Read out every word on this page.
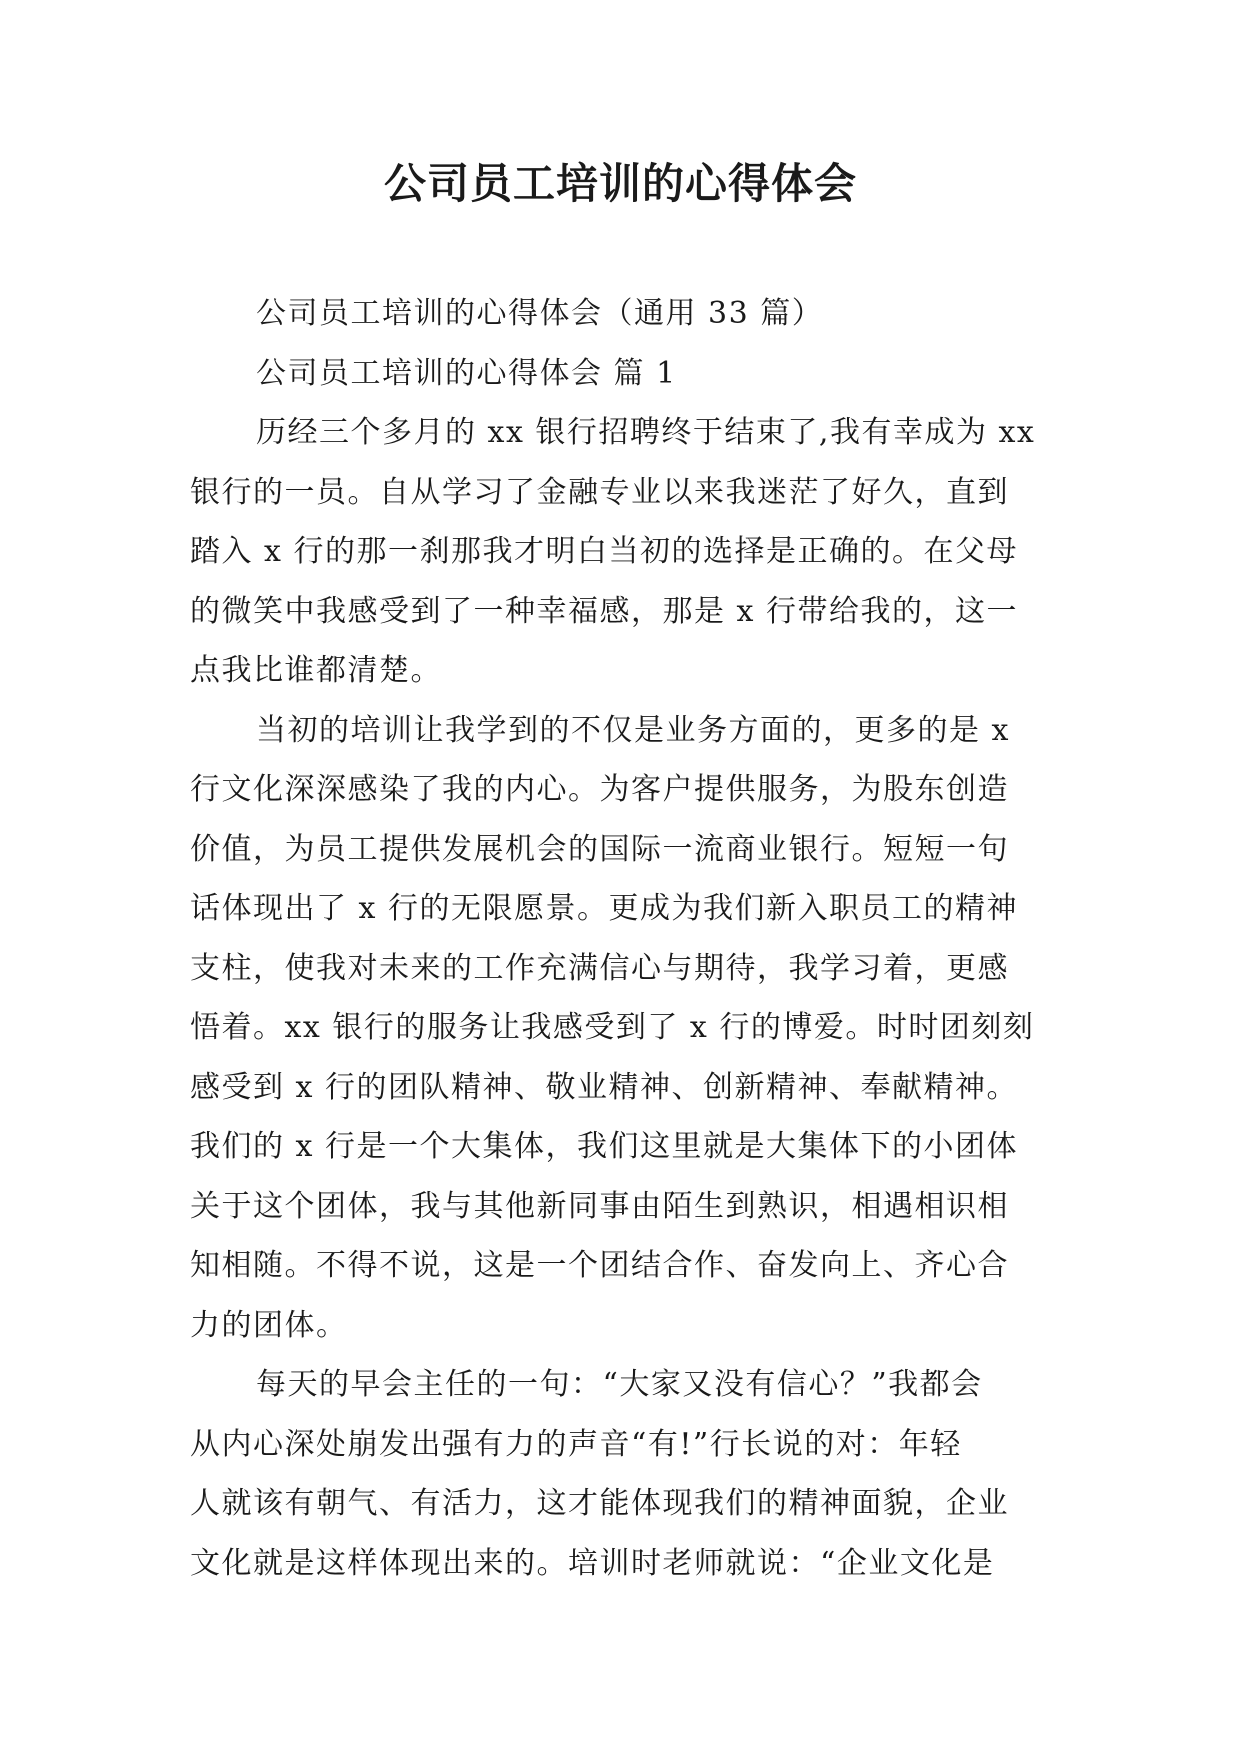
公司员工培训的心得体会
公司员工培训的心得体会（通用 33 篇）
公司员工培训的心得体会 篇 1
历经三个多月的 xx 银行招聘终于结束了,我有幸成为 xx
银行的一员。自从学习了金融专业以来我迷茫了好久，直到
踏入 x 行的那一刹那我才明白当初的选择是正确的。在父母
的微笑中我感受到了一种幸福感，那是 x 行带给我的，这一
点我比谁都清楚。
当初的培训让我学到的不仅是业务方面的，更多的是 x
行文化深深感染了我的内心。为客户提供服务，为股东创造
价值，为员工提供发展机会的国际一流商业银行。短短一句
话体现出了 x 行的无限愿景。更成为我们新入职员工的精神
支柱，使我对未来的工作充满信心与期待，我学习着，更感
悟着。xx 银行的服务让我感受到了 x 行的博爱。时时团刻刻
感受到 x 行的团队精神、敬业精神、创新精神、奉献精神。
我们的 x 行是一个大集体，我们这里就是大集体下的小团体
关于这个团体，我与其他新同事由陌生到熟识，相遇相识相
知相随。不得不说，这是一个团结合作、奋发向上、齐心合
力的团体。
每天的早会主任的一句：“大家又没有信心？”我都会
从内心深处崩发出强有力的声音“有!”行长说的对：年轻
人就该有朝气、有活力，这才能体现我们的精神面貌，企业
文化就是这样体现出来的。培训时老师就说：“企业文化是
